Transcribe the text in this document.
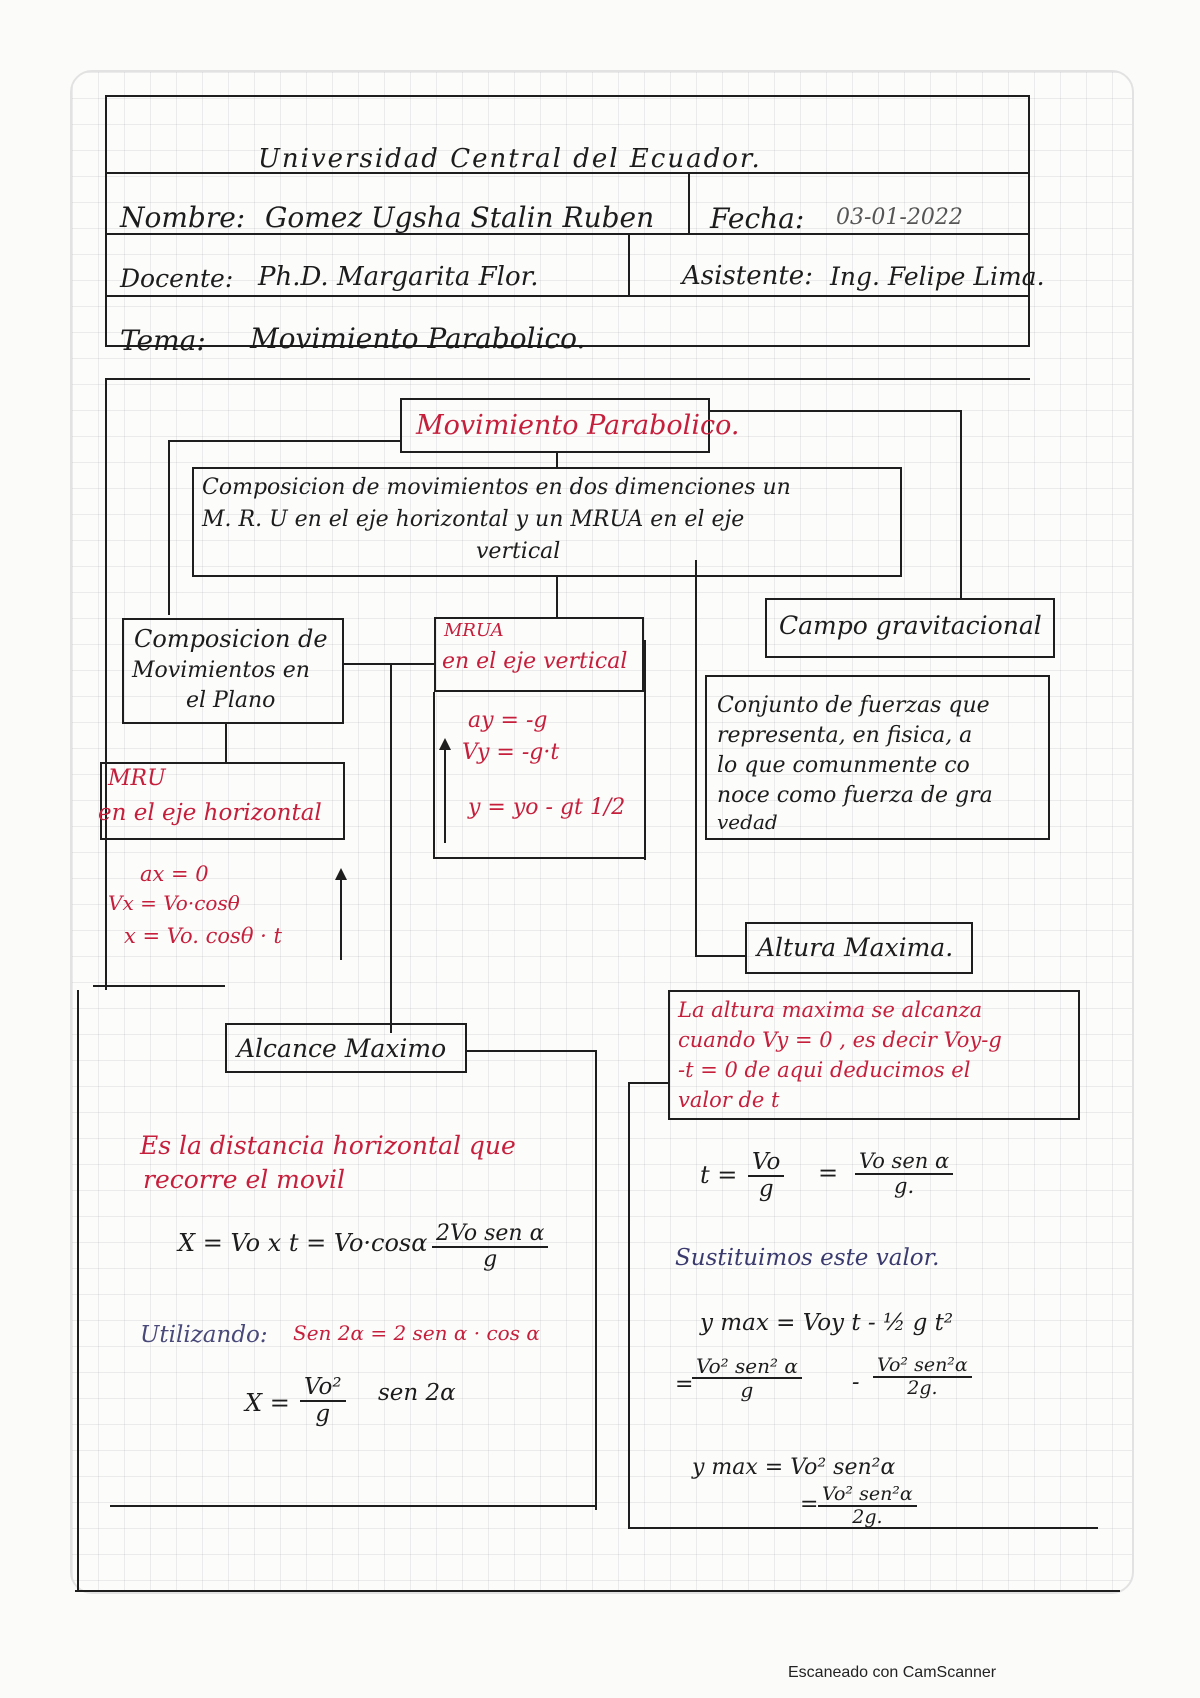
Universidad Central del Ecuador.
Nombre: Gomez Ugsha Stalin Ruben Fecha: 03-01-2022
Docente: Ph.D. Margarita Flor.	Asistente: Ing. Felipe Lima.
Tema: Movimiento Parabolico.
Movimiento Parabolico.
Composicion de movimientos en dos dimenciones un
M. R. U en el eje horizontal y un MRUA en el eje
vertical
Composicion de
Movimientos en
el Plano
MRUA
en el eje vertical
ay = -g
Vy = -g·t
y = yo - gt 1/2
Campo gravitacional
Conjunto de fuerzas que
representa, en fisica, a
lo que comunmente co
noce como fuerza de gra
vedad
MRU
en el eje horizontal
ax = 0
Vx = Vo·cosθ
x = Vo. cosθ · t	Altura Maxima.
La altura maxima se alcanza
cuando Vy = 0 , es decir Voy-g
-t = 0 de aqui deducimos el
valor de t
Alcance Maximo
Es la distancia horizontal que
recorre el movil
X = Vo x t = Vo·cosα 2Vo sen α
g
Utilizando: Sen 2α = 2 sen α · cos α
$X = \frac{\text{Vo²}}{g}$ sen 2α
$t = \frac{Vo}{g} = Vo$ sen α
g.
Sustituimos este valor.
y max = Voy t - ½ g t²
=
Vo² sen² α
g	-
Vo² sen²α
2g.
y max = Vo² sen²α
= Vo² sen²α
2g.
Escaneado con CamScanner
